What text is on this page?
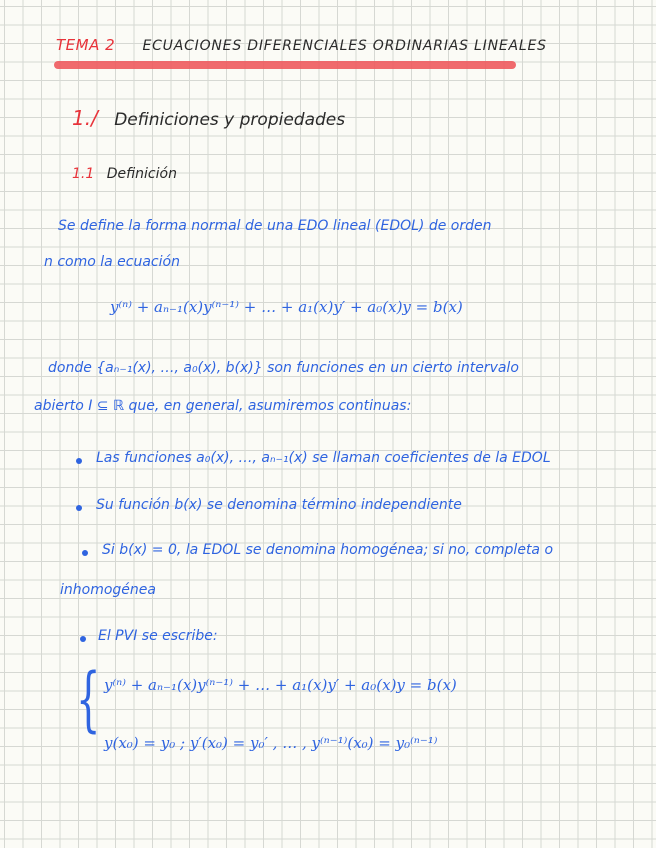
TEMA 2 ECUACIONES DIFERENCIALES ORDINARIAS LINEALES
1./ Definiciones y propiedades
1.1 Definición
Se define la forma normal de una EDO lineal (EDOL) de orden
n como la ecuación
y⁽ⁿ⁾ + aₙ₋₁(x)y⁽ⁿ⁻¹⁾ + … + a₁(x)y′ + a₀(x)y = b(x)
donde {aₙ₋₁(x), …, a₀(x), b(x)} son funciones en un cierto intervalo
abierto I ⊆ ℝ que, en general, asumiremos continuas:
Las funciones a₀(x), …, aₙ₋₁(x) se llaman coeficientes de la EDOL
Su función b(x) se denomina término independiente
Si b(x) = 0, la EDOL se denomina homogénea; si no, completa o
inhomogénea
El PVI se escribe:
{ y⁽ⁿ⁾ + aₙ₋₁(x)y⁽ⁿ⁻¹⁾ + … + a₁(x)y′ + a₀(x)y = b(x)
y(x₀) = y₀ ; y′(x₀) = y₀′ , … , y⁽ⁿ⁻¹⁾(x₀) = y₀⁽ⁿ⁻¹⁾
